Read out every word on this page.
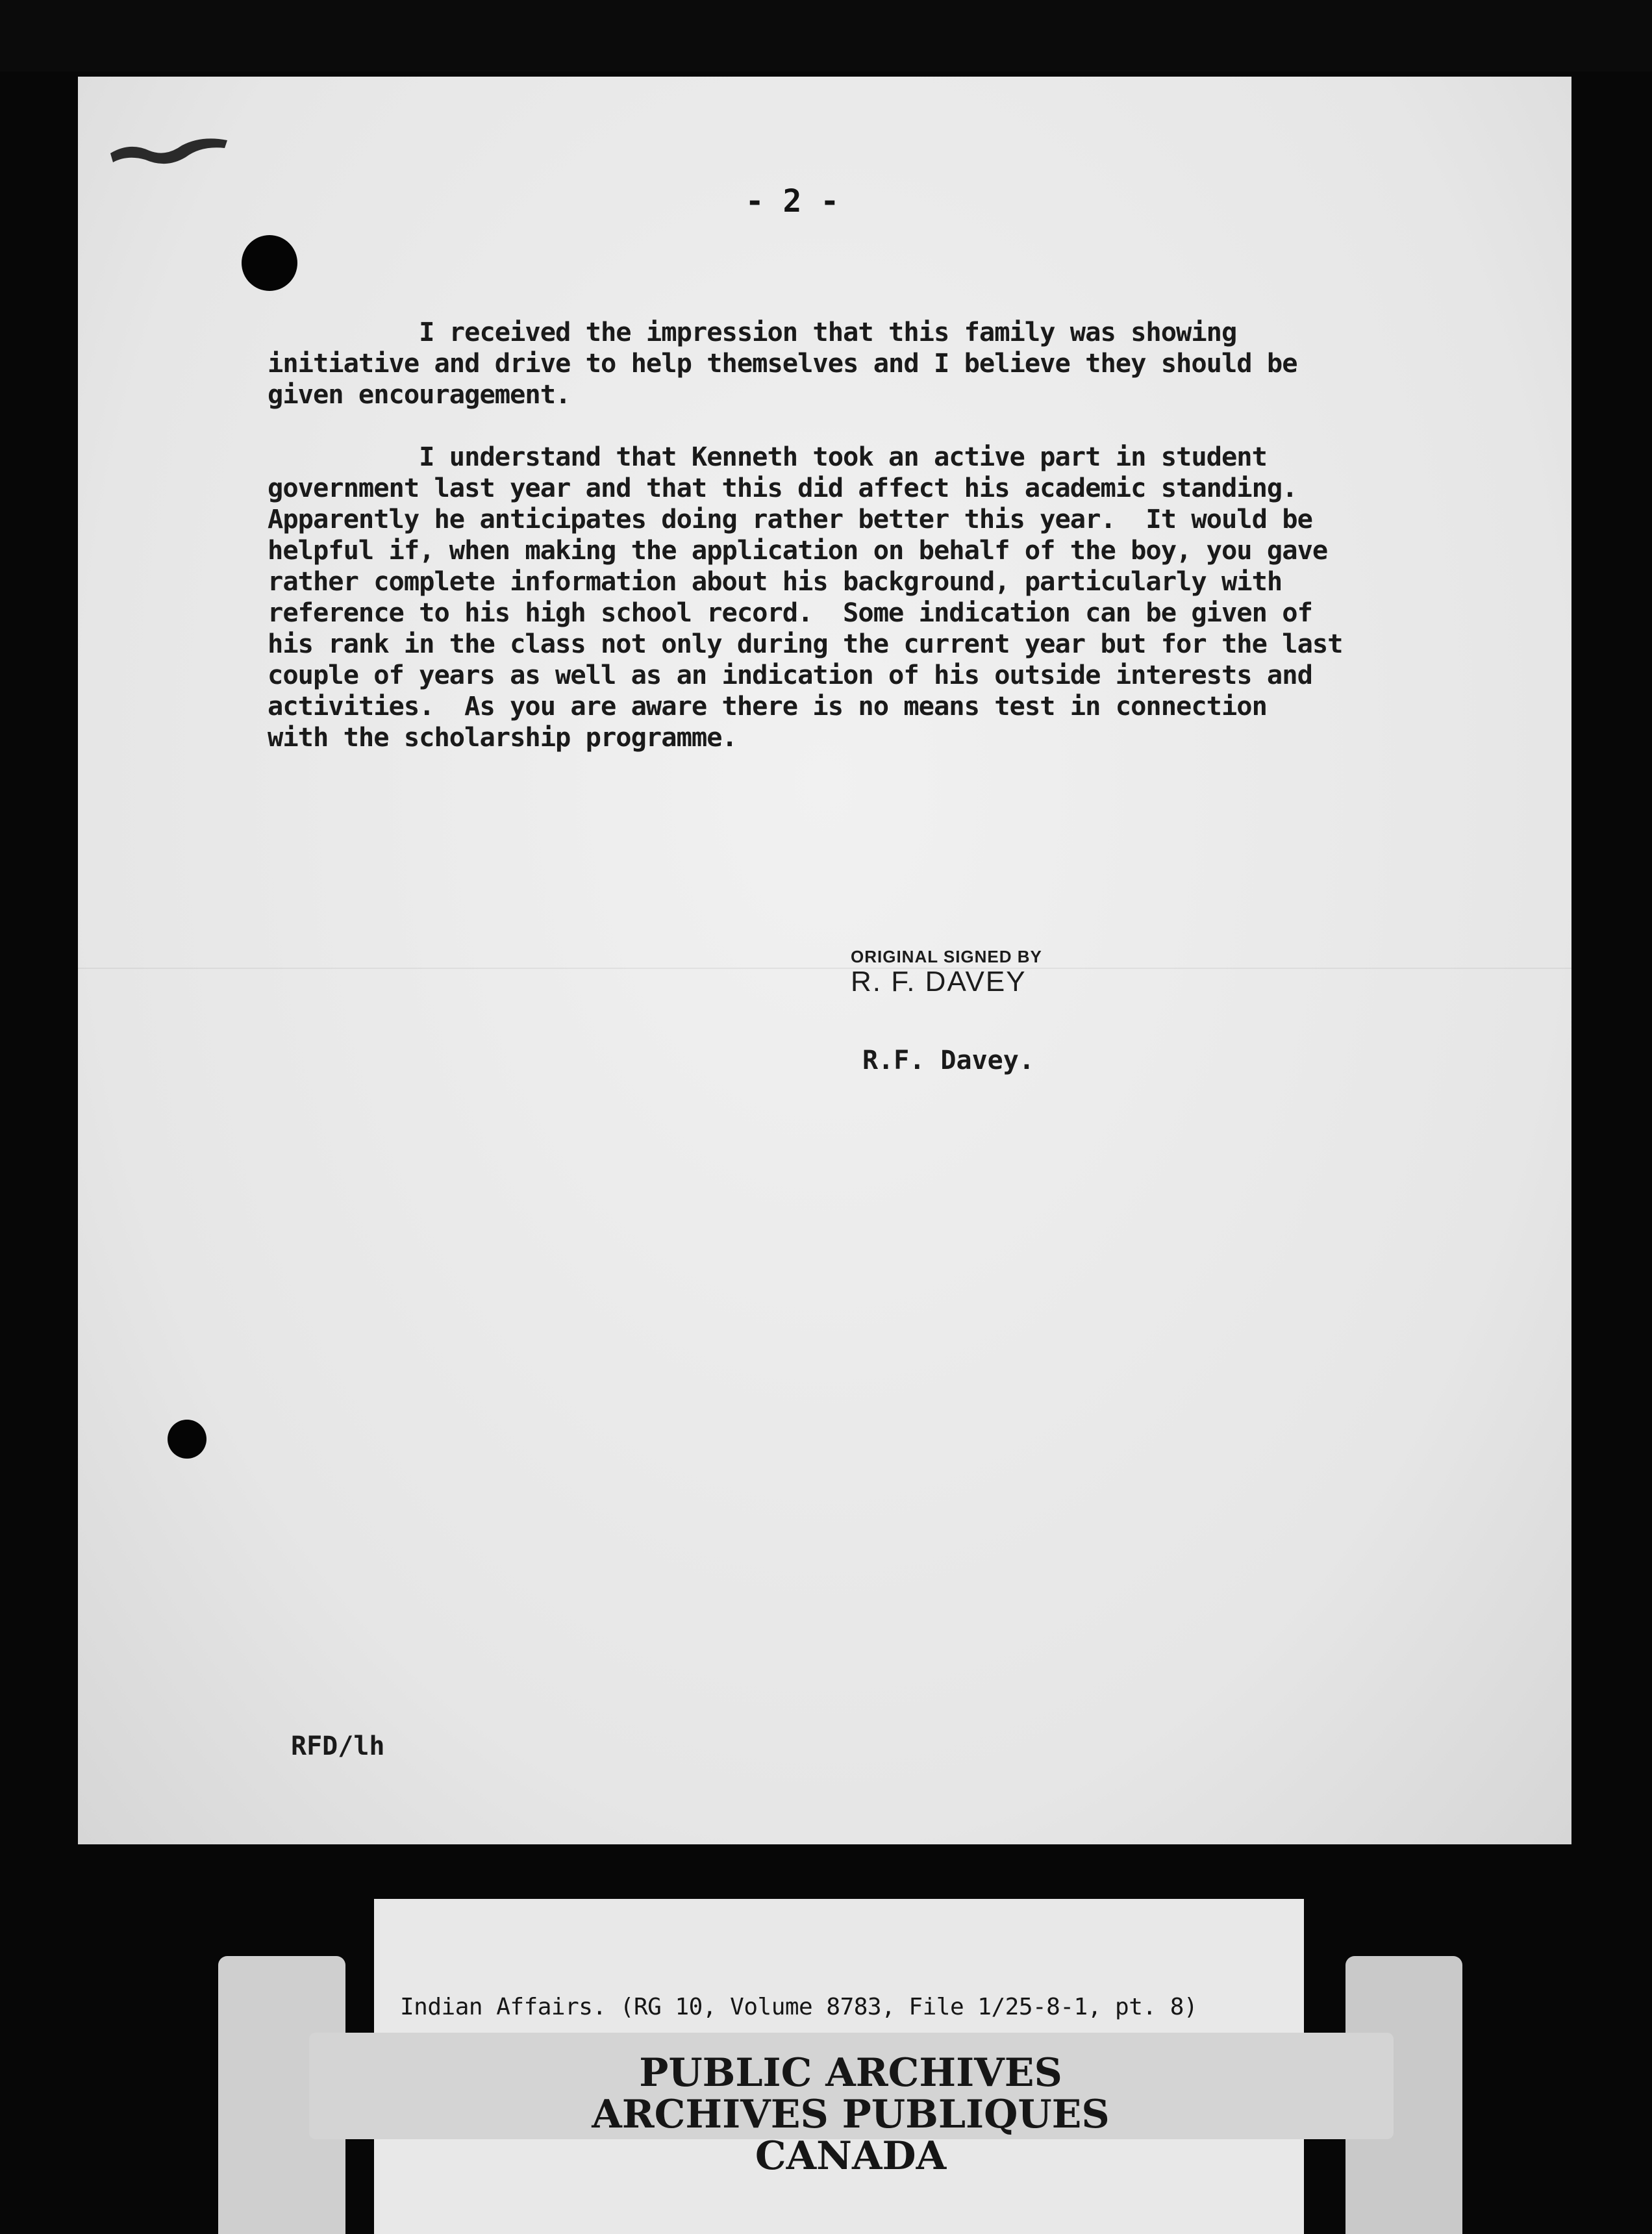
- 2 -

I received the impression that this family was showing
initiative and drive to help themselves and I believe they should be
given encouragement.

I understand that Kenneth took an active part in student
government last year and that this did affect his academic standing.
Apparently he anticipates doing rather better this year.  It would be
helpful if, when making the application on behalf of the boy, you gave
rather complete information about his background, particularly with
reference to his high school record.  Some indication can be given of
his rank in the class not only during the current year but for the last
couple of years as well as an indication of his outside interests and
activities.  As you are aware there is no means test in connection
with the scholarship programme.

ORIGINAL SIGNED BY
R. F. DAVEY
R.F. Davey.
RFD/lh
Indian Affairs. (RG 10, Volume 8783, File 1/25-8-1, pt. 8)
PUBLIC ARCHIVES
ARCHIVES PUBLIQUES
CANADA
